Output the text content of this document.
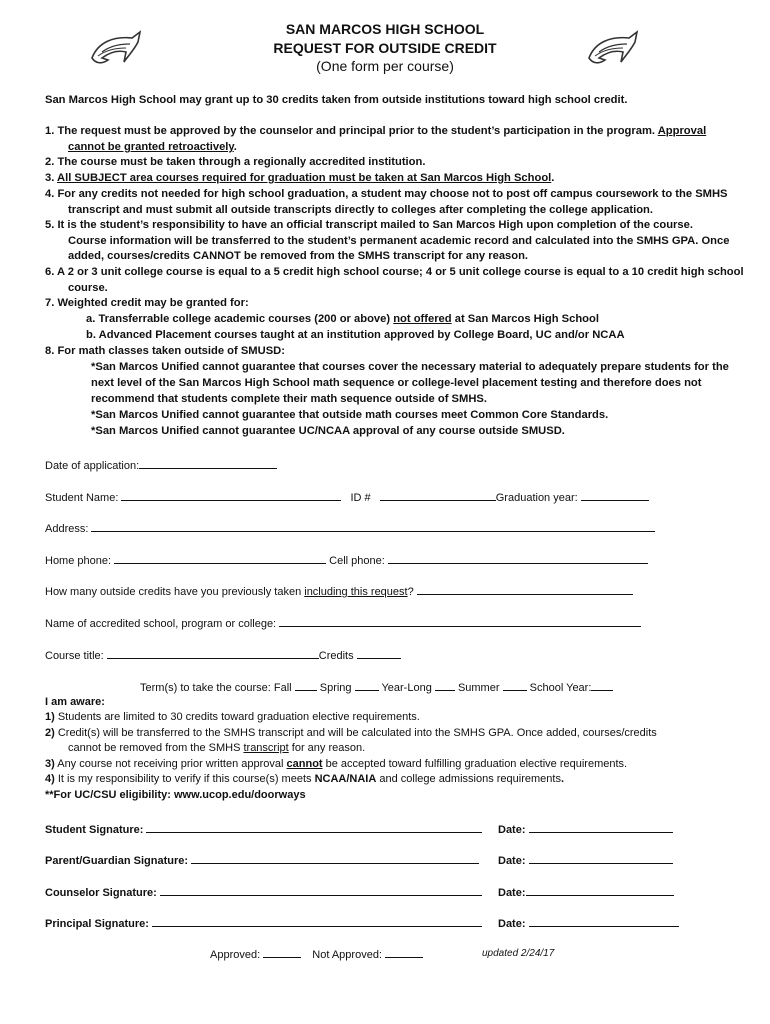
SAN MARCOS HIGH SCHOOL
REQUEST FOR OUTSIDE CREDIT
(One form per course)
San Marcos High School may grant up to 30 credits taken from outside institutions toward high school credit.
1. The request must be approved by the counselor and principal prior to the student’s participation in the program. Approval
cannot be granted retroactively.
2. The course must be taken through a regionally accredited institution.
3. All SUBJECT area courses required for graduation must be taken at San Marcos High School.
4. For any credits not needed for high school graduation, a student may choose not to post off campus coursework to the SMHS
transcript and must submit all outside transcripts directly to colleges after completing the college application.
5. It is the student’s responsibility to have an official transcript mailed to San Marcos High upon completion of the course.
Course information will be transferred to the student’s permanent academic record and calculated into the SMHS GPA. Once
added, courses/credits CANNOT be removed from the SMHS transcript for any reason.
6. A 2 or 3 unit college course is equal to a 5 credit high school course; 4 or 5 unit college course is equal to a 10 credit high school
course.
7. Weighted credit may be granted for:
a. Transferrable college academic courses (200 or above) not offered at San Marcos High School
b. Advanced Placement courses taught at an institution approved by College Board, UC and/or NCAA
8. For math classes taken outside of SMUSD:
*San Marcos Unified cannot guarantee that courses cover the necessary material to adequately prepare students for the
next level of the San Marcos High School math sequence or college-level placement testing and therefore does not
recommend that students complete their math sequence outside of SMHS.
*San Marcos Unified cannot guarantee that outside math courses meet Common Core Standards.
*San Marcos Unified cannot guarantee UC/NCAA approval of any course outside SMUSD.
Date of application:
Student Name:	ID #	Graduation year:
Address:
Home phone:	Cell phone:
How many outside credits have you previously taken including this request?
Name of accredited school, program or college:
Course title:	Credits
Term(s) to take the course: Fall	Spring	Year-Long Summer	School Year:
I am aware:
1) Students are limited to 30 credits toward graduation elective requirements.
2) Credit(s) will be transferred to the SMHS transcript and will be calculated into the SMHS GPA. Once added, courses/credits
cannot be removed from the SMHS transcript for any reason.
3) Any course not receiving prior written approval cannot be accepted toward fulfilling graduation elective requirements.
4) It is my responsibility to verify if this course(s) meets NCAA/NAIA and college admissions requirements.
**For UC/CSU eligibility: www.ucop.edu/doorways
Student Signature:	Date:
Parent/Guardian Signature:	Date:
Counselor Signature:	Date:
Principal Signature:	Date:
Approved:	Not Approved:	updated 2/24/17
